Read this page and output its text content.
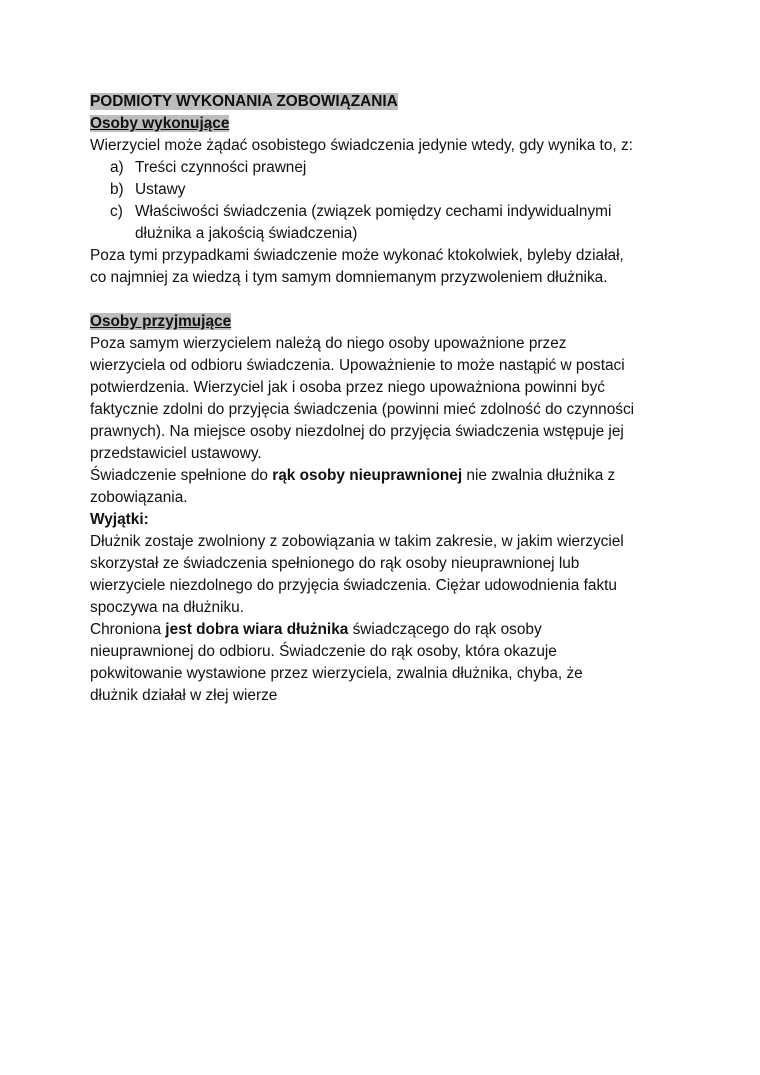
PODMIOTY WYKONANIA ZOBOWIĄZANIA
Osoby wykonujące
Wierzyciel może żądać osobistego świadczenia jedynie wtedy, gdy wynika to, z:
a) Treści czynności prawnej
b) Ustawy
c) Właściwości świadczenia (związek pomiędzy cechami indywidualnymi
dłużnika a jakością świadczenia)
Poza tymi przypadkami świadczenie może wykonać ktokolwiek, byleby działał,
co najmniej za wiedzą i tym samym domniemanym przyzwoleniem dłużnika.
Osoby przyjmujące
Poza samym wierzycielem należą do niego osoby upoważnione przez
wierzyciela od odbioru świadczenia. Upoważnienie to może nastąpić w postaci
potwierdzenia. Wierzyciel jak i osoba przez niego upoważniona powinni być
faktycznie zdolni do przyjęcia świadczenia (powinni mieć zdolność do czynności
prawnych). Na miejsce osoby niezdolnej do przyjęcia świadczenia wstępuje jej
przedstawiciel ustawowy.
Świadczenie spełnione do rąk osoby nieuprawnionej nie zwalnia dłużnika z
zobowiązania.
Wyjątki:
Dłużnik zostaje zwolniony z zobowiązania w takim zakresie, w jakim wierzyciel
skorzystał ze świadczenia spełnionego do rąk osoby nieuprawnionej lub
wierzyciele niezdolnego do przyjęcia świadczenia. Ciężar udowodnienia faktu
spoczywa na dłużniku.
Chroniona jest dobra wiara dłużnika świadczącego do rąk osoby
nieuprawnionej do odbioru. Świadczenie do rąk osoby, która okazuje
pokwitowanie wystawione przez wierzyciela, zwalnia dłużnika, chyba, że
dłużnik działał w złej wierze
